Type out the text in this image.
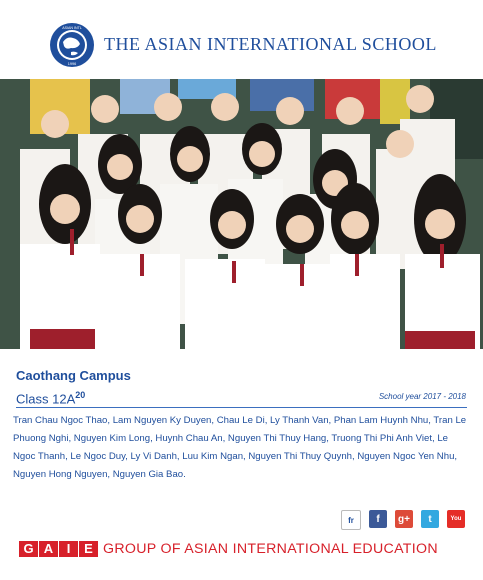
ASIAN INTL
1996
THE ASIAN INTERNATIONAL SCHOOL
Caothang Campus
Class $12A^{20}$	School year 2017 - 2018
Tran Chau Ngoc Thao, Lam Nguyen Ky Duyen, Chau Le Di, Ly Thanh Van, Phan Lam Huynh Nhu, Tran Le Phuong Nghi, Nguyen Kim Long, Huynh Chau An, Nguyen Thi Thuy Hang, Truong Thi Phi Anh Viet, Le Ngoc Thanh, Le Ngoc Duy, Ly Vi Danh, Luu Kim Ngan, Nguyen Thi Thuy Quynh, Nguyen Ngoc Yen Nhu, Nguyen Hong Nguyen, Nguyen Gia Bao.
fr	f	g+	t	You
G A I E GROUP OF ASIAN INTERNATIONAL EDUCATION
